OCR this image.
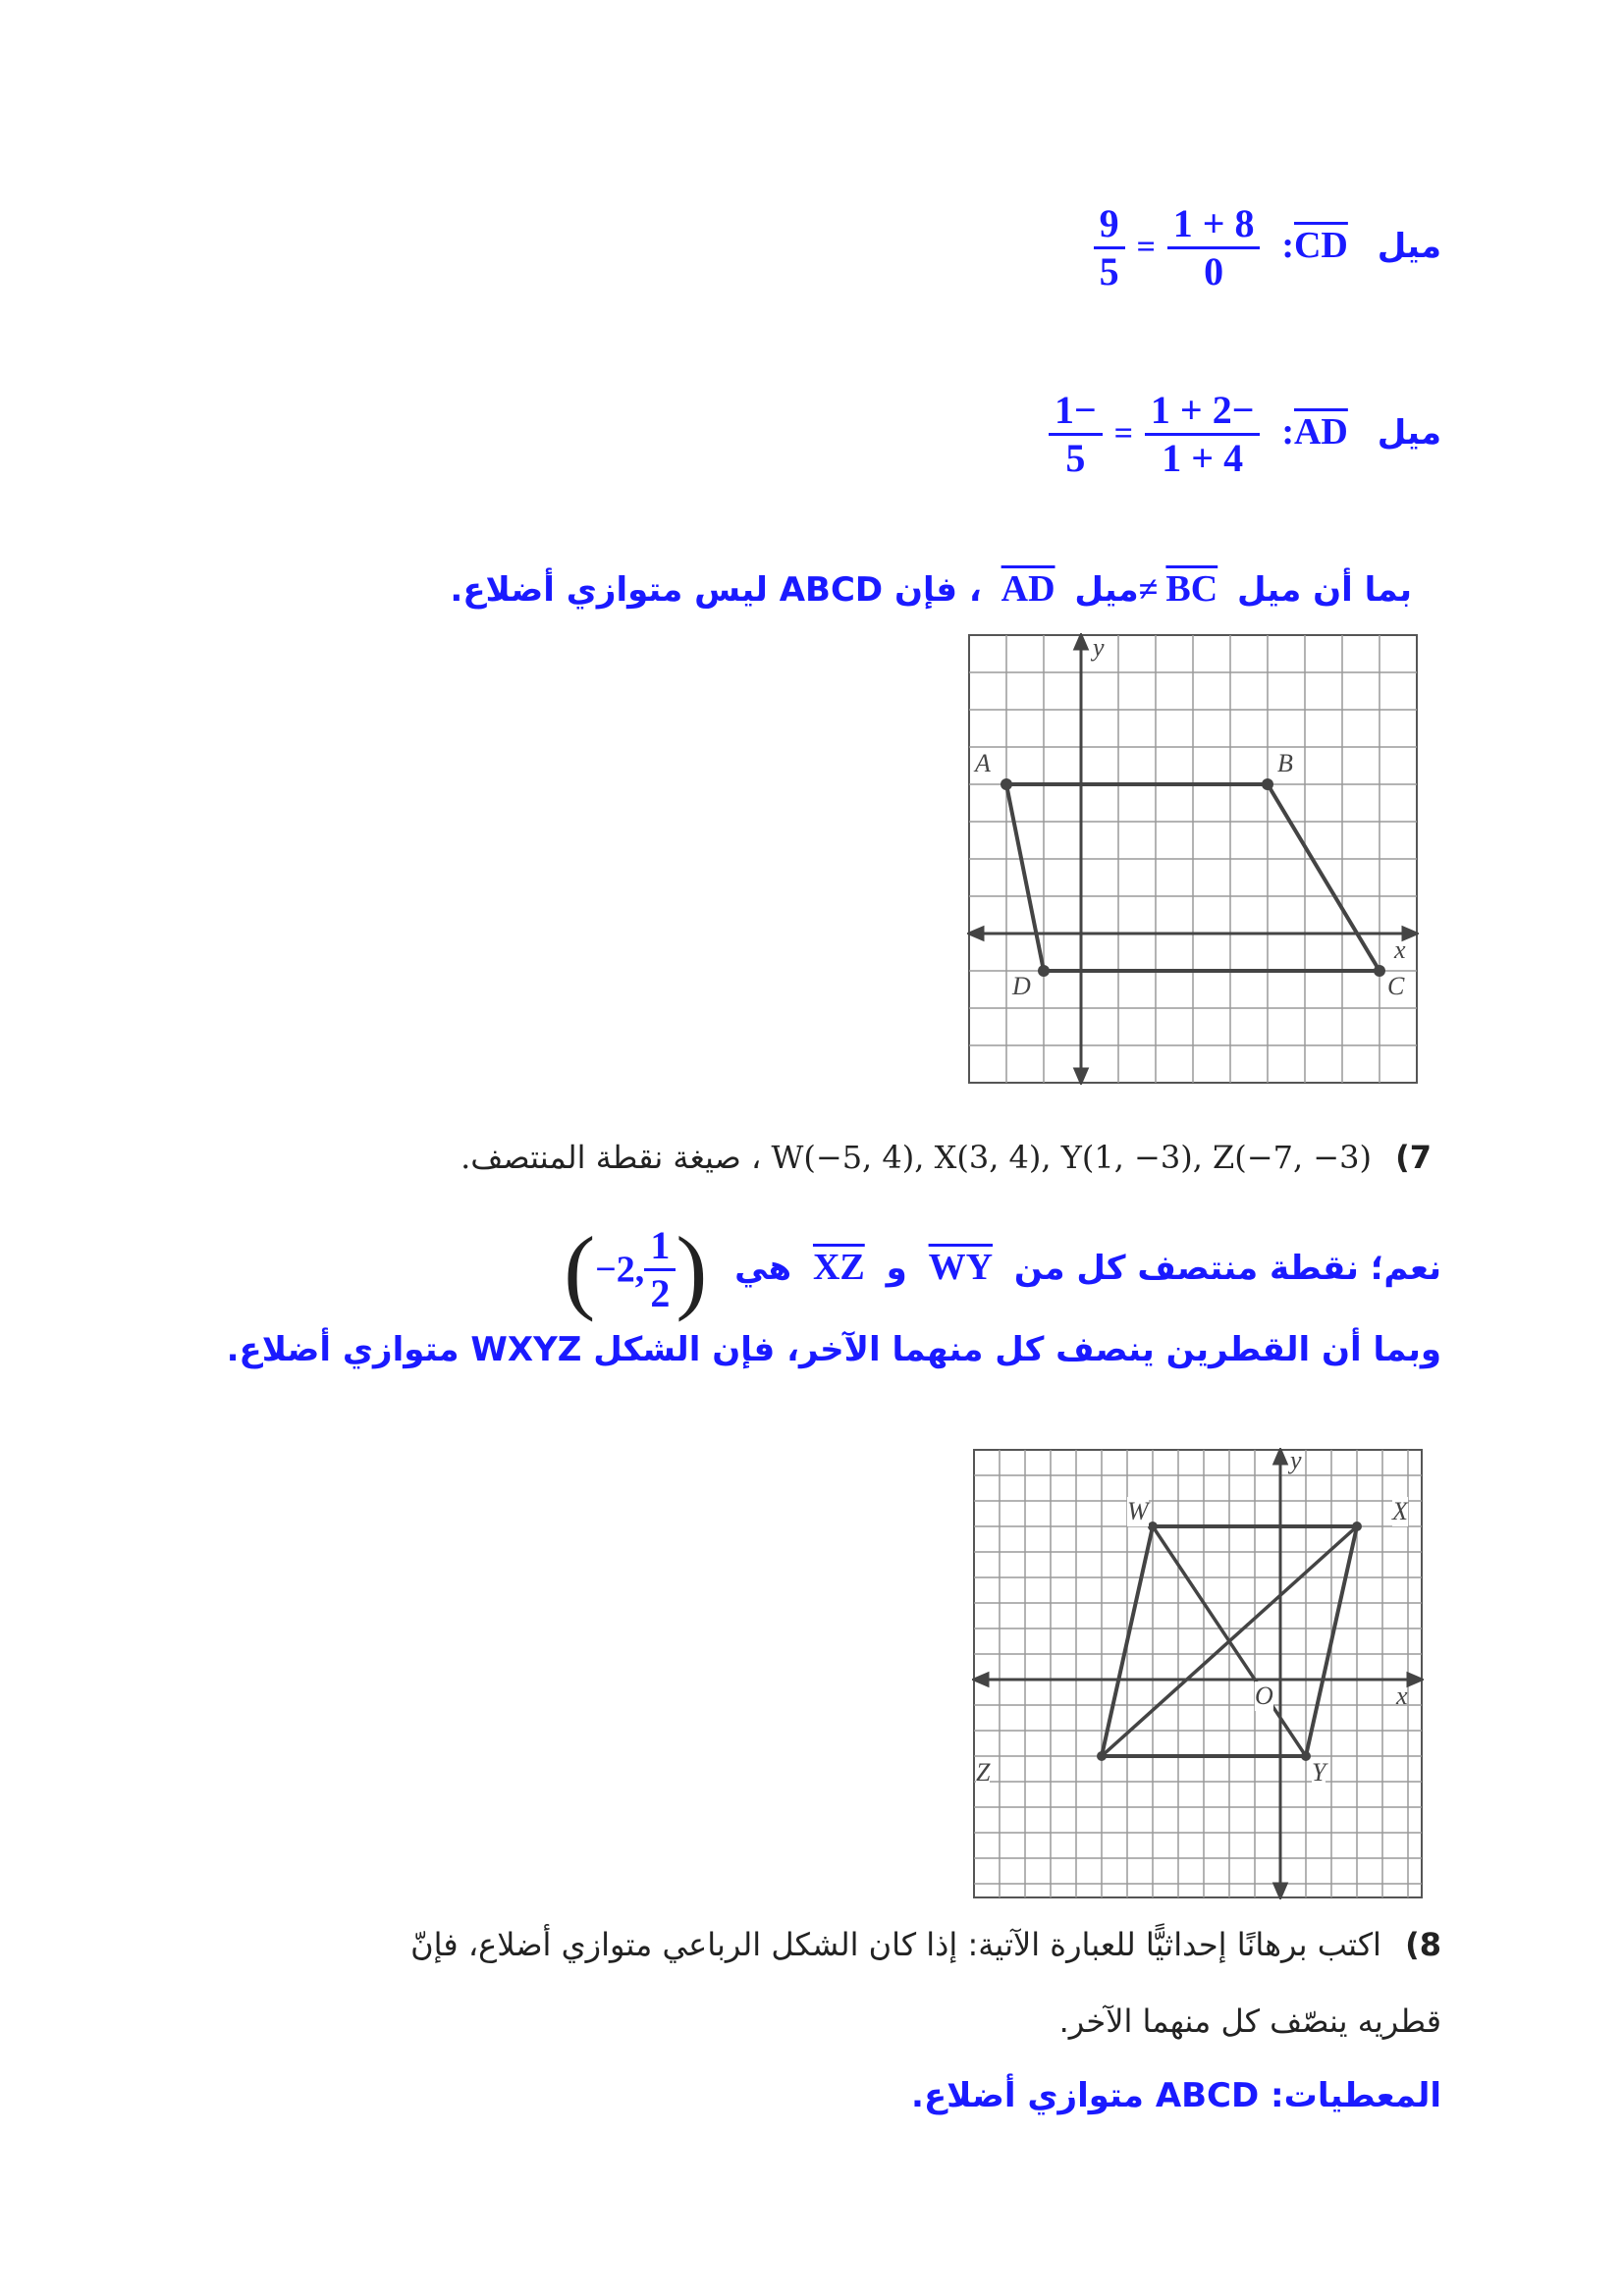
ميل CD:
$\frac{8 + 1}{0}$
=
$\frac{9}{5}$
ميل AD:
$\frac{-2 + 1}{4 + 1}$
=
$\frac{-1}{5}$
بما أن ميل BC≠ميل AD ، فإن ABCD ليس متوازي أضلاع.
y
x
A	B
C
D
7) W(−5, 4), X(3, 4), Y(1, −3), Z(−7, −3) ، صيغة نقطة المنتصف.
نعم؛ نقطة منتصف كل من WY و XZ هي (−2, $\frac{1}{2}$ )
وبما أن القطرين ينصف كل منهما الآخر، فإن الشكل WXYZ متوازي أضلاع.
y
x
O
W	X
Y
Z
8) اكتب برهانًا إحداثيًّا للعبارة الآتية: إذا كان الشكل الرباعي متوازي أضلاع، فإنّ
قطريه ينصّف كل منهما الآخر.
المعطيات: ABCD متوازي أضلاع.
